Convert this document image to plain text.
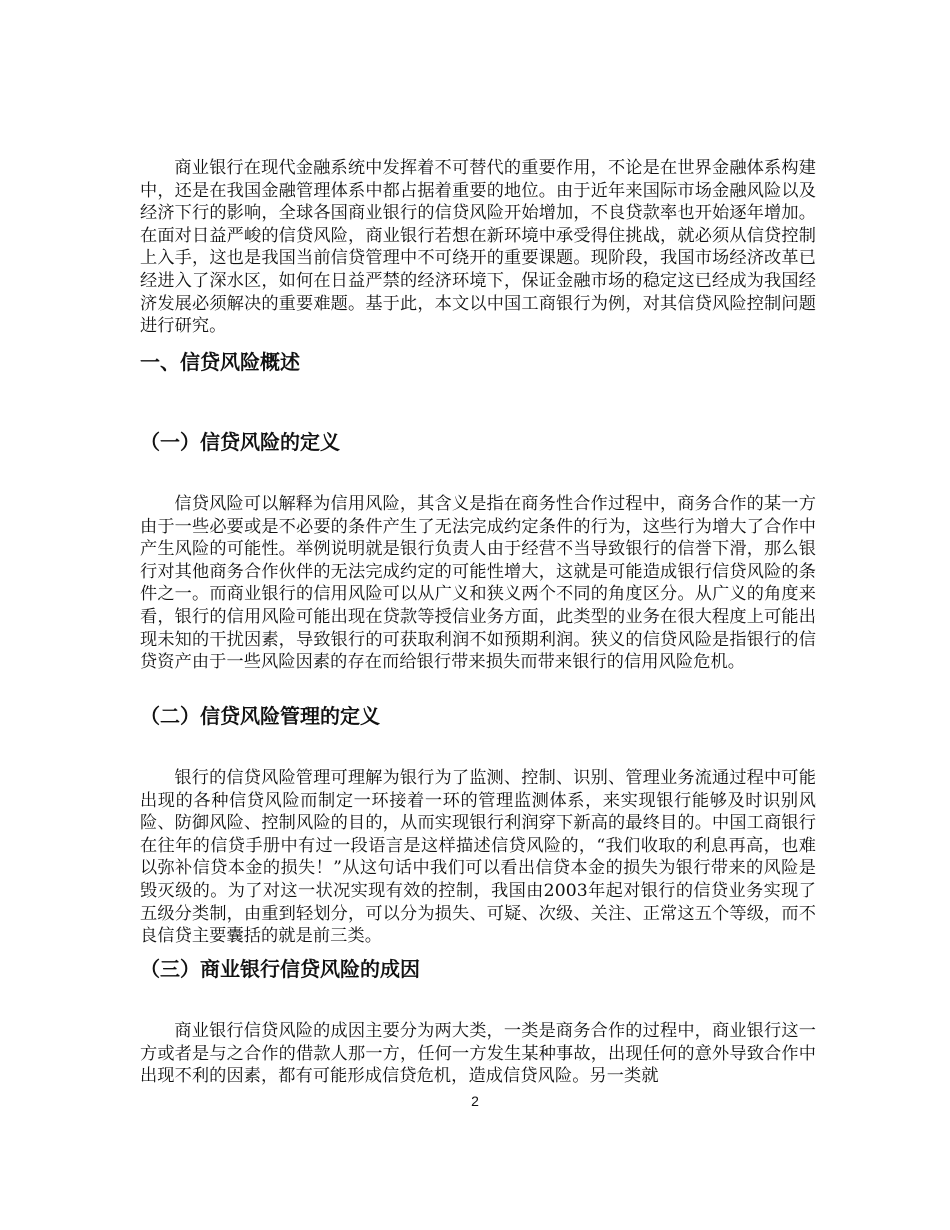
商业银行在现代金融系统中发挥着不可替代的重要作用，不论是在世界金融体系构建中，还是在我国金融管理体系中都占据着重要的地位。由于近年来国际市场金融风险以及经济下行的影响，全球各国商业银行的信贷风险开始增加，不良贷款率也开始逐年增加。在面对日益严峻的信贷风险，商业银行若想在新环境中承受得住挑战，就必须从信贷控制上入手，这也是我国当前信贷管理中不可绕开的重要课题。现阶段，我国市场经济改革已经进入了深水区，如何在日益严禁的经济环境下，保证金融市场的稳定这已经成为我国经济发展必须解决的重要难题。基于此，本文以中国工商银行为例，对其信贷风险控制问题进行研究。

一、信贷风险概述
（一）信贷风险的定义

信贷风险可以解释为信用风险，其含义是指在商务性合作过程中，商务合作的某一方由于一些必要或是不必要的条件产生了无法完成约定条件的行为，这些行为增大了合作中产生风险的可能性。举例说明就是银行负责人由于经营不当导致银行的信誉下滑，那么银行对其他商务合作伙伴的无法完成约定的可能性增大，这就是可能造成银行信贷风险的条件之一。而商业银行的信用风险可以从广义和狭义两个不同的角度区分。从广义的角度来看，银行的信用风险可能出现在贷款等授信业务方面，此类型的业务在很大程度上可能出现未知的干扰因素，导致银行的可获取利润不如预期利润。狭义的信贷风险是指银行的信贷资产由于一些风险因素的存在而给银行带来损失而带来银行的信用风险危机。

（二）信贷风险管理的定义

银行的信贷风险管理可理解为银行为了监测、控制、识别、管理业务流通过程中可能出现的各种信贷风险而制定一环接着一环的管理监测体系，来实现银行能够及时识别风险、防御风险、控制风险的目的，从而实现银行利润穿下新高的最终目的。中国工商银行在往年的信贷手册中有过一段语言是这样描述信贷风险的，“我们收取的利息再高，也难以弥补信贷本金的损失！”从这句话中我们可以看出信贷本金的损失为银行带来的风险是毁灭级的。为了对这一状况实现有效的控制，我国由2003年起对银行的信贷业务实现了五级分类制，由重到轻划分，可以分为损失、可疑、次级、关注、正常这五个等级，而不良信贷主要囊括的就是前三类。

（三）商业银行信贷风险的成因

商业银行信贷风险的成因主要分为两大类，一类是商务合作的过程中，商业银行这一方或者是与之合作的借款人那一方，任何一方发生某种事故，出现任何的意外导致合作中出现不利的因素，都有可能形成信贷危机，造成信贷风险。另一类就

2
